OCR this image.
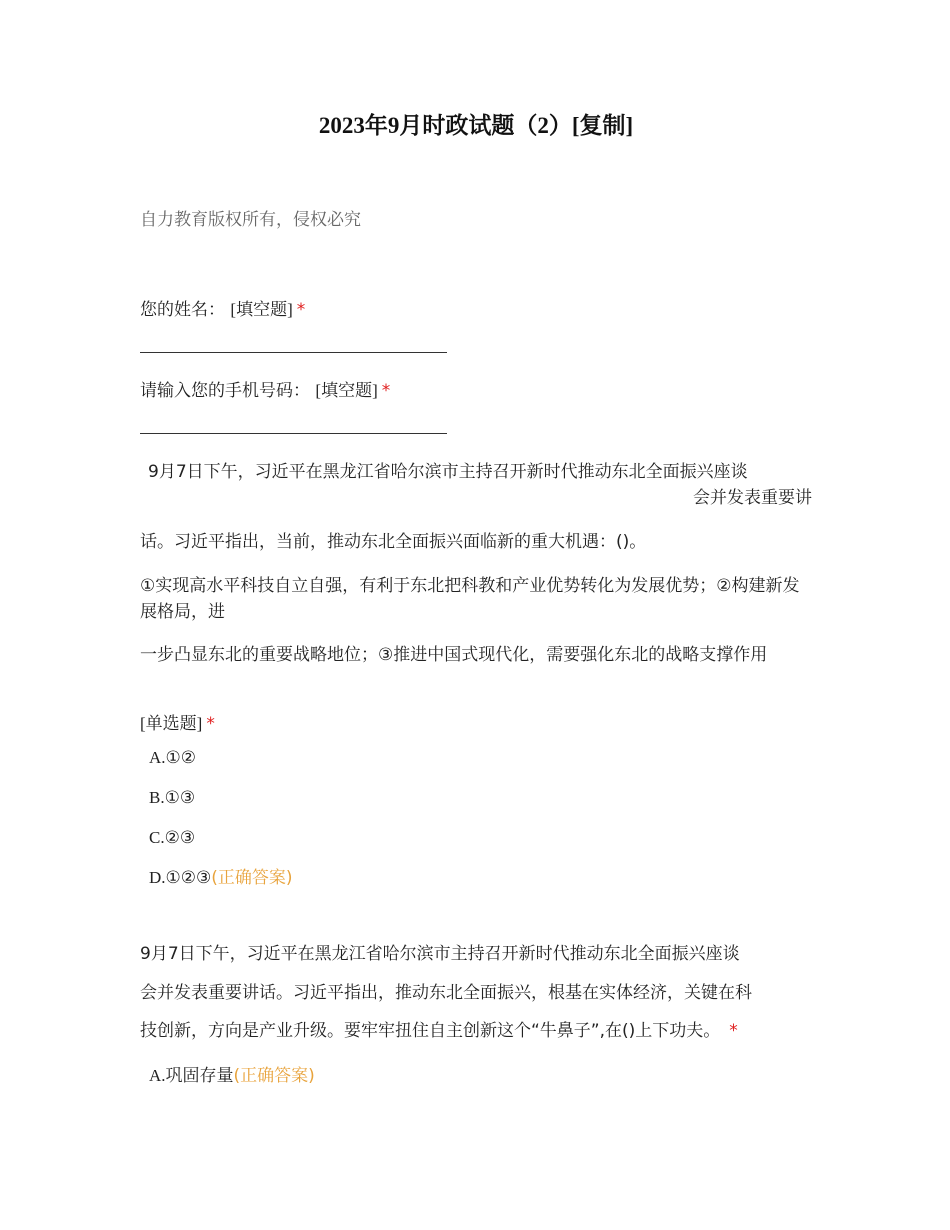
2023年9月时政试题（2）[复制]
自力教育版权所有，侵权必究
您的姓名： [填空题] *
请输入您的手机号码： [填空题] *
9月7日下午，习近平在黑龙江省哈尔滨市主持召开新时代推动东北全面振兴座谈
会并发表重要讲
话。习近平指出，当前，推动东北全面振兴面临新的重大机遇：()。
①实现高水平科技自立自强，有利于东北把科教和产业优势转化为发展优势；②构建新发展格局，进
一步凸显东北的重要战略地位；③推进中国式现代化，需要强化东北的战略支撑作用
[单选题] *
A.①②
B.①③
C.②③
D.①②③(正确答案)
9月7日下午，习近平在黑龙江省哈尔滨市主持召开新时代推动东北全面振兴座谈
会并发表重要讲话。习近平指出，推动东北全面振兴，根基在实体经济，关键在科
技创新，方向是产业升级。要牢牢扭住自主创新这个“牛鼻子”,在()上下功夫。 *
A.巩固存量(正确答案)
